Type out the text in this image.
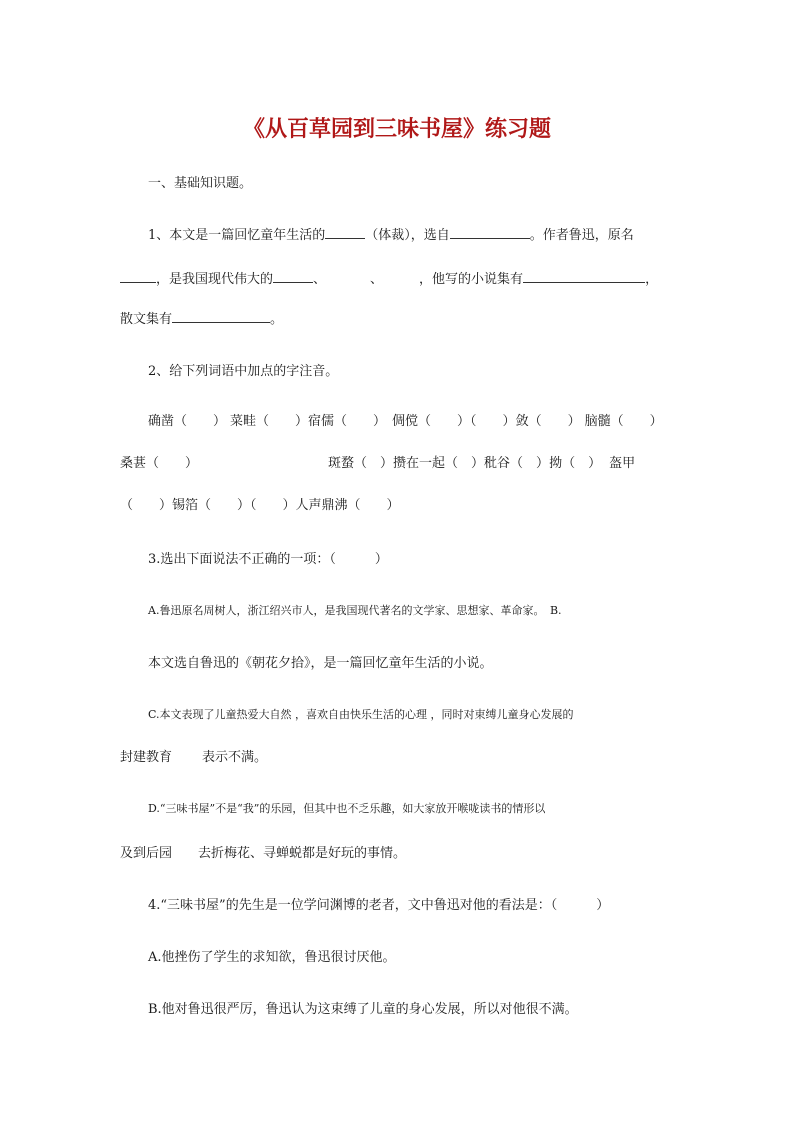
《从百草园到三味书屋》练习题
一、基础知识题。
1、本文是一篇回忆童年生活的	（体裁），选自	。作者鲁迅，原名
，是我国现代伟大的	、	、	，他写的小说集有	，
散文集有	。
2、给下列词语中加点的字注音。
确凿（　　） 菜畦（　　）宿儒（　　） 倜傥（　　）（　　）敛（　　） 脑髓（　　）
桑葚（　　）	斑蝥（　）攒在一起（　）秕谷（　）拗（　） 盔甲
（　　）锡箔（　　）（　　）人声鼎沸（　　）
3.选出下面说法不正确的一项：（　　　）
A.鲁迅原名周树人，浙江绍兴市人，是我国现代著名的文学家、思想家、革命家。　B.
本文选自鲁迅的《朝花夕拾》，是一篇回忆童年生活的小说。
C.本文表现了儿童热爱大自然 ，喜欢自由快乐生活的心理 ，同时对束缚儿童身心发展的
封建教育 表示不满。
D.“三味书屋”不是“我”的乐园，但其中也不乏乐趣，如大家放开喉咙读书的情形以
及到后园 去折梅花、寻蝉蜕都是好玩的事情。
4.“三味书屋”的先生是一位学问渊博的老者，文中鲁迅对他的看法是：（　　　）
A.他挫伤了学生的求知欲，鲁迅很讨厌他。
B.他对鲁迅很严厉，鲁迅认为这束缚了儿童的身心发展，所以对他很不满。
